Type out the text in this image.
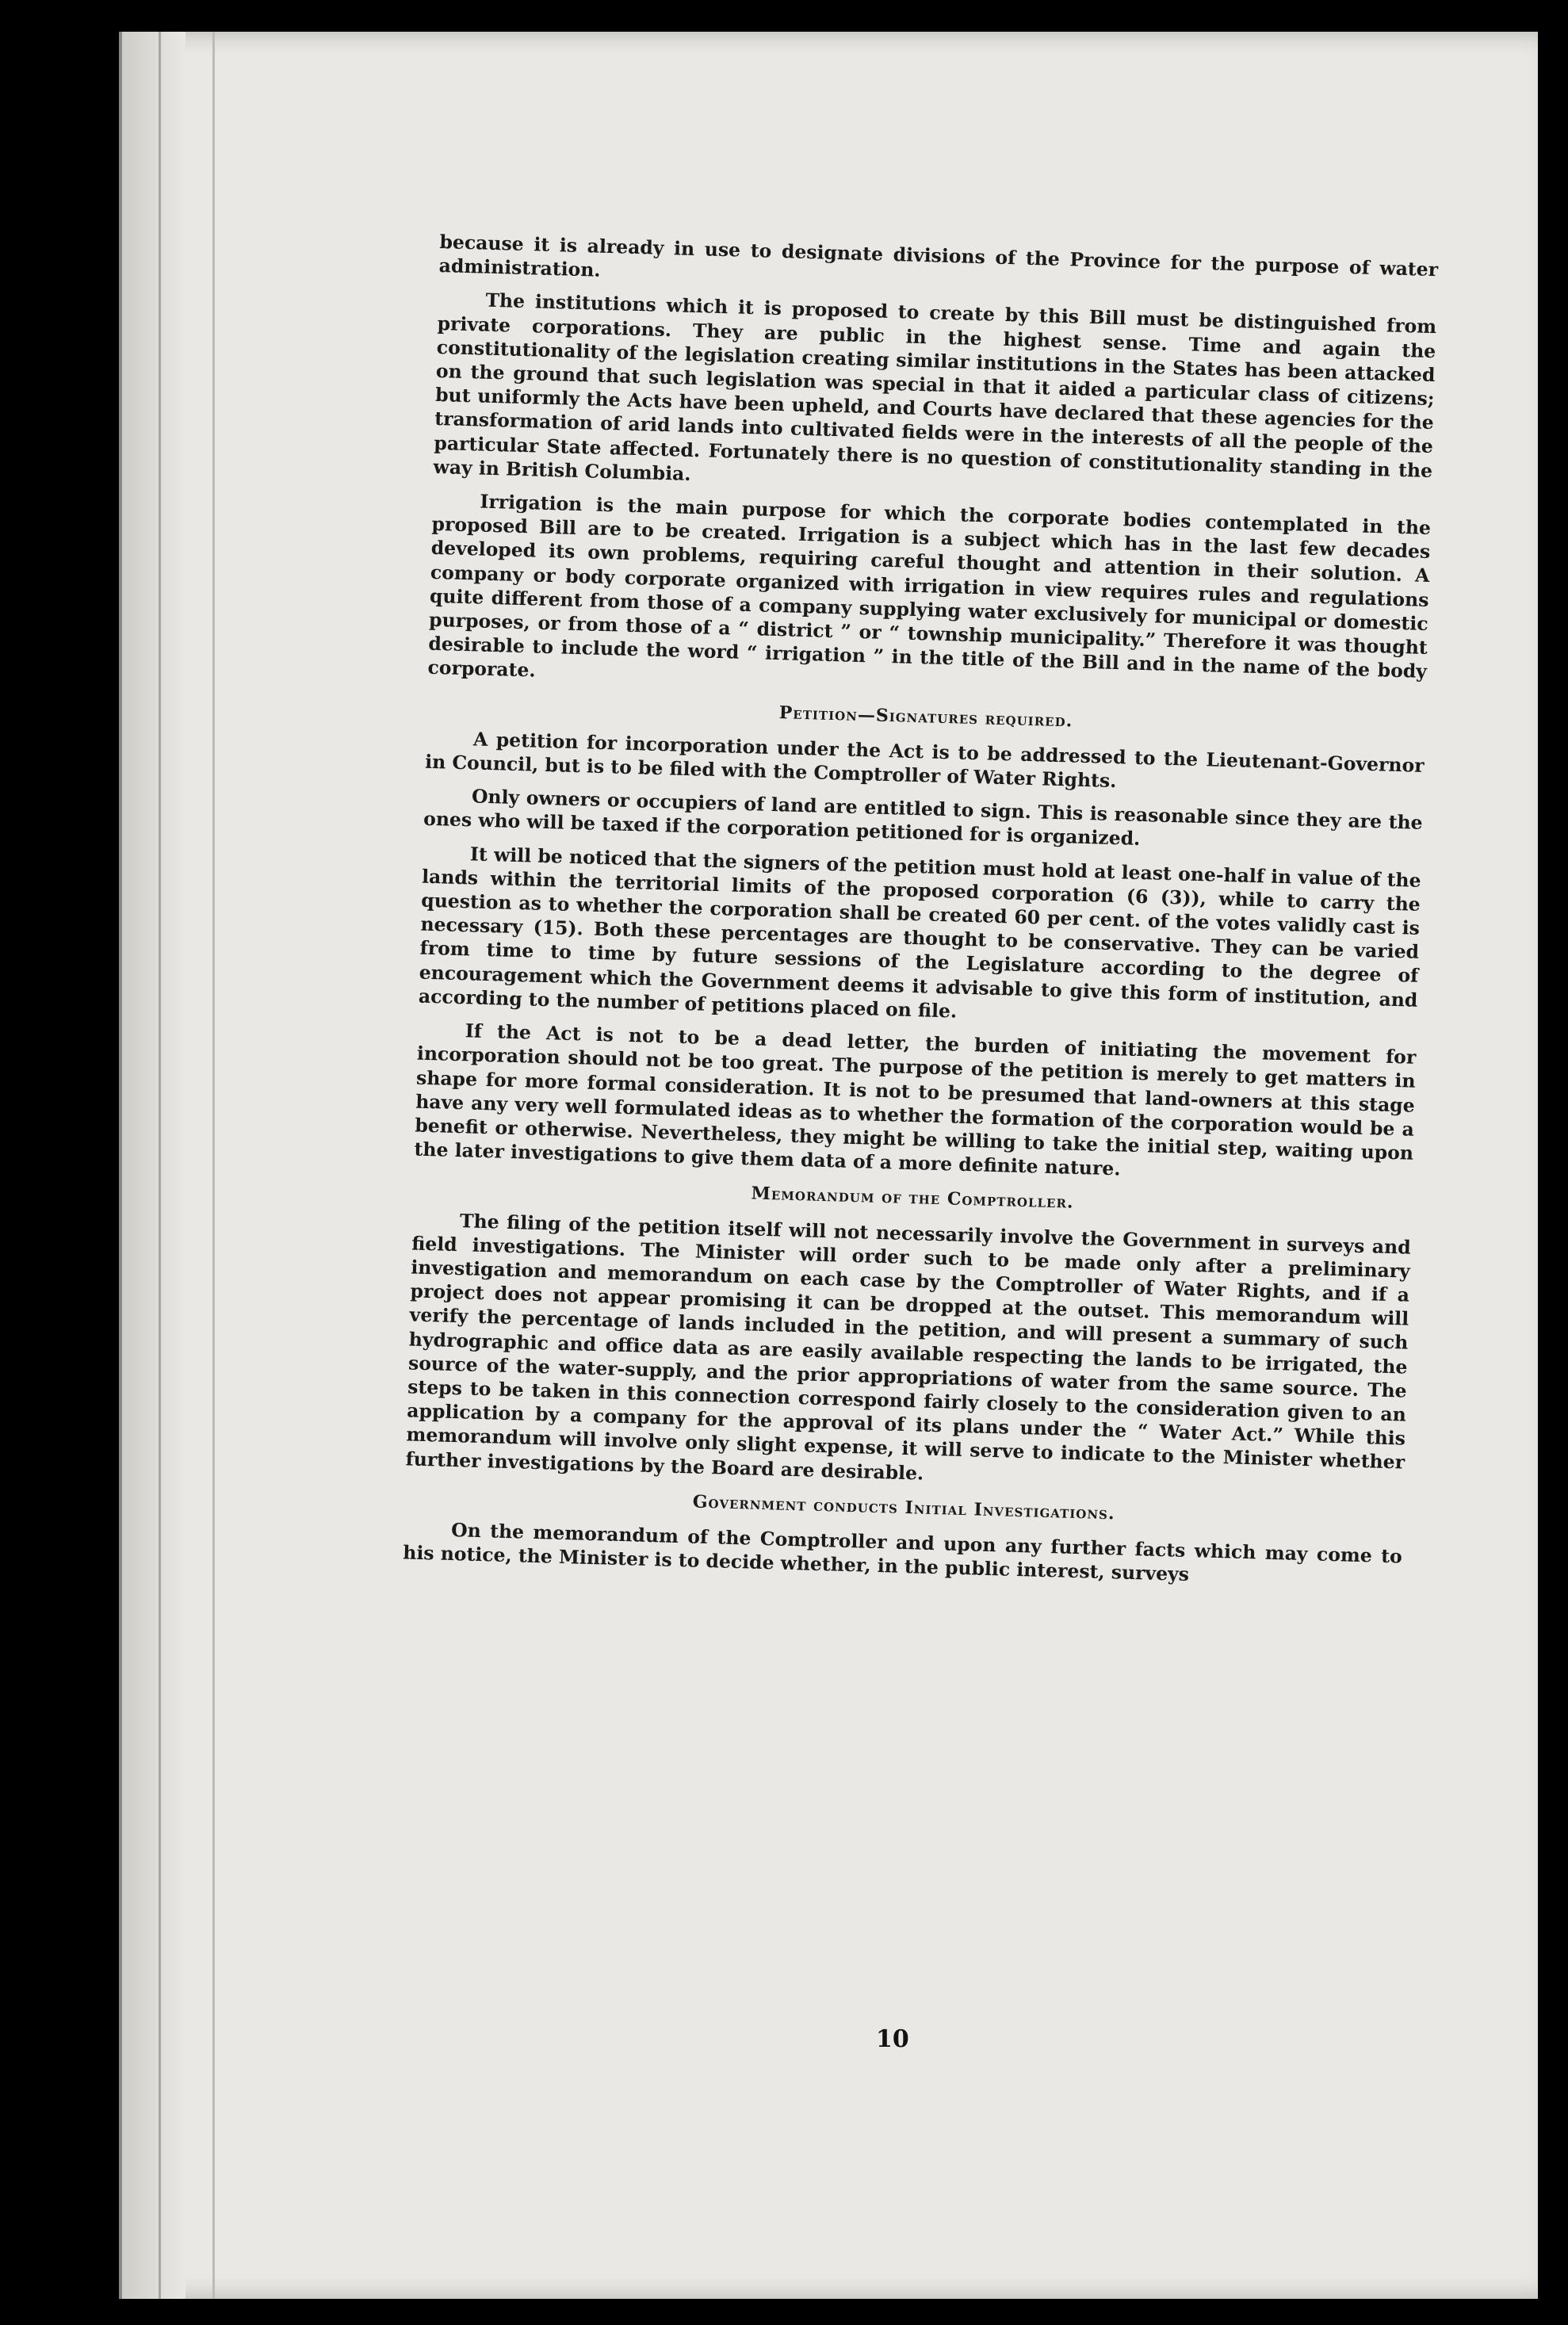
because it is already in use to designate divisions of the Province for the purpose of water administration.

The institutions which it is proposed to create by this Bill must be distinguished from private corporations. They are public in the highest sense. Time and again the constitutionality of the legislation creating similar institutions in the States has been attacked on the ground that such legislation was special in that it aided a particular class of citizens; but uniformly the Acts have been upheld, and Courts have declared that these agencies for the transformation of arid lands into cultivated fields were in the interests of all the people of the particular State affected. Fortunately there is no question of constitutionality standing in the way in British Columbia.

Irrigation is the main purpose for which the corporate bodies contemplated in the proposed Bill are to be created. Irrigation is a subject which has in the last few decades developed its own problems, requiring careful thought and attention in their solution. A company or body corporate organized with irrigation in view requires rules and regulations quite different from those of a company supplying water exclusively for municipal or domestic purposes, or from those of a “ district ” or “ township municipality.” Therefore it was thought desirable to include the word “ irrigation ” in the title of the Bill and in the name of the body corporate.

Petition—Signatures required.

A petition for incorporation under the Act is to be addressed to the Lieutenant-Governor in Council, but is to be filed with the Comptroller of Water Rights.

Only owners or occupiers of land are entitled to sign. This is reasonable since they are the ones who will be taxed if the corporation petitioned for is organized.

It will be noticed that the signers of the petition must hold at least one-half in value of the lands within the territorial limits of the proposed corporation (6 (3)), while to carry the question as to whether the corporation shall be created 60 per cent. of the votes validly cast is necessary (15). Both these percentages are thought to be conservative. They can be varied from time to time by future sessions of the Legislature according to the degree of encouragement which the Government deems it advisable to give this form of institution, and according to the number of petitions placed on file.

If the Act is not to be a dead letter, the burden of initiating the movement for incorporation should not be too great. The purpose of the petition is merely to get matters in shape for more formal consideration. It is not to be presumed that land-owners at this stage have any very well formulated ideas as to whether the formation of the corporation would be a benefit or otherwise. Nevertheless, they might be willing to take the initial step, waiting upon the later investigations to give them data of a more definite nature.

Memorandum of the Comptroller.

The filing of the petition itself will not necessarily involve the Government in surveys and field investigations. The Minister will order such to be made only after a preliminary investigation and memorandum on each case by the Comptroller of Water Rights, and if a project does not appear promising it can be dropped at the outset. This memorandum will verify the percentage of lands included in the petition, and will present a summary of such hydrographic and office data as are easily available respecting the lands to be irrigated, the source of the water-supply, and the prior appropriations of water from the same source. The steps to be taken in this connection correspond fairly closely to the consideration given to an application by a company for the approval of its plans under the “ Water Act.” While this memorandum will involve only slight expense, it will serve to indicate to the Minister whether further investigations by the Board are desirable.

Government conducts Initial Investigations.

On the memorandum of the Comptroller and upon any further facts which may come to his notice, the Minister is to decide whether, in the public interest, surveys

10
